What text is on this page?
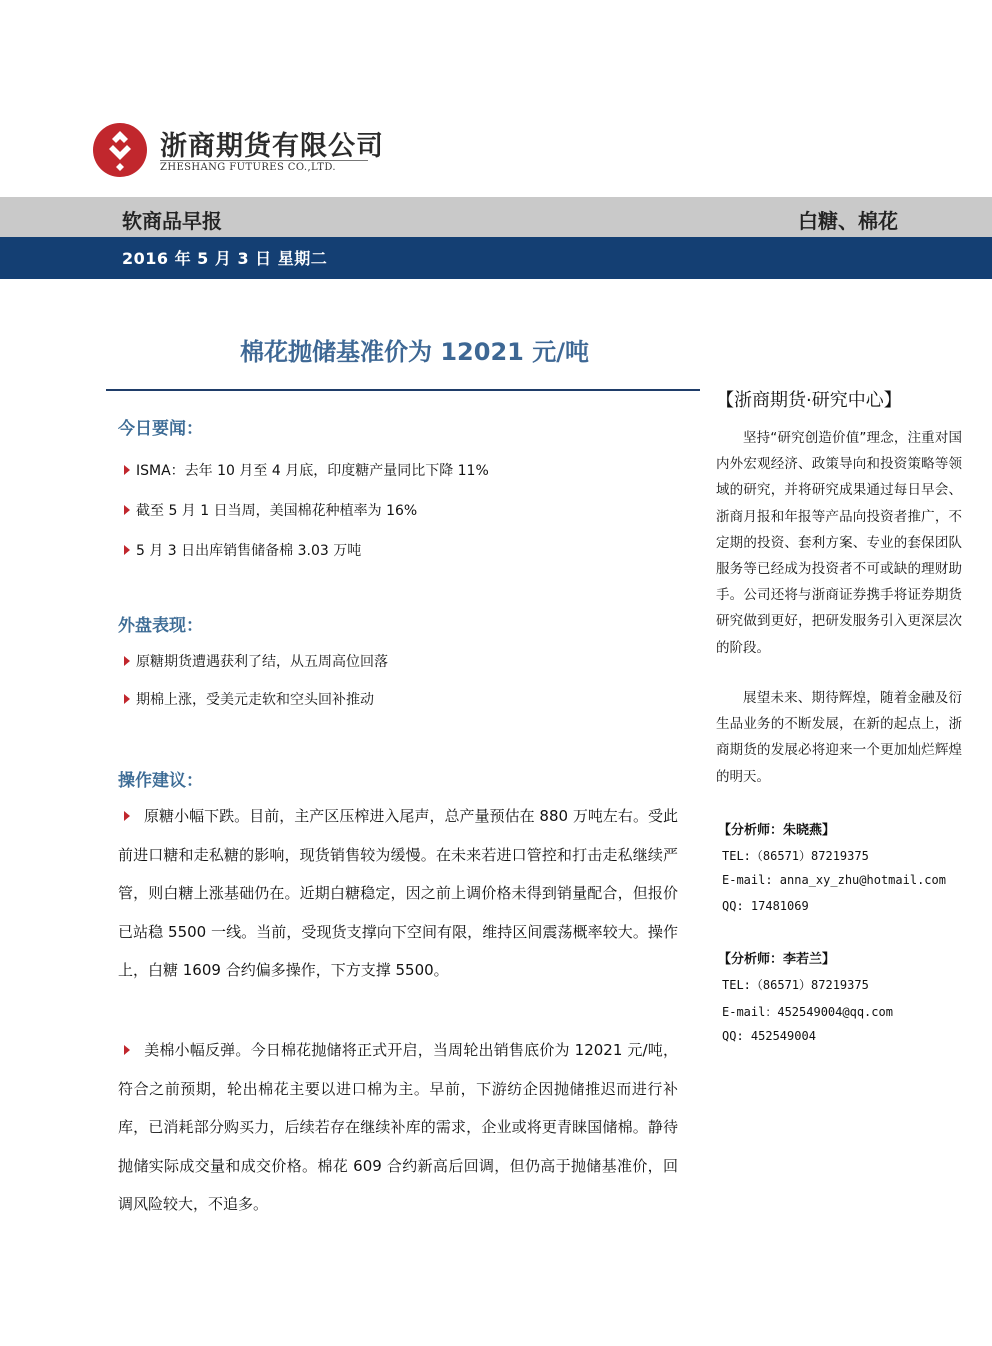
浙商期货有限公司
ZHESHANG FUTURES CO.,LTD.
软商品早报	白糖、棉花
2016 年 5 月 3 日 星期二
棉花抛储基准价为 12021 元/吨
今日要闻：
ISMA：去年 10 月至 4 月底，印度糖产量同比下降 11%
截至 5 月 1 日当周，美国棉花种植率为 16%
5 月 3 日出库销售储备棉 3.03 万吨
外盘表现：
原糖期货遭遇获利了结，从五周高位回落
期棉上涨，受美元走软和空头回补推动
操作建议：

原糖小幅下跌。目前，主产区压榨进入尾声，总产量预估在 880 万吨左右。受此前进口糖和走私糖的影响，现货销售较为缓慢。在未来若进口管控和打击走私继续严管，则白糖上涨基础仍在。近期白糖稳定，因之前上调价格未得到销量配合，但报价已站稳 5500 一线。当前，受现货支撑向下空间有限，维持区间震荡概率较大。操作上，白糖 1609 合约偏多操作，下方支撑 5500。

美棉小幅反弹。今日棉花抛储将正式开启，当周轮出销售底价为 12021 元/吨，符合之前预期，轮出棉花主要以进口棉为主。早前，下游纺企因抛储推迟而进行补库，已消耗部分购买力，后续若存在继续补库的需求，企业或将更青睐国储棉。静待抛储实际成交量和成交价格。棉花 609 合约新高后回调，但仍高于抛储基准价，回调风险较大，不追多。

【浙商期货·研究中心】

坚持“研究创造价值”理念，注重对国内外宏观经济、政策导向和投资策略等领域的研究，并将研究成果通过每日早会、浙商月报和年报等产品向投资者推广，不定期的投资、套利方案、专业的套保团队服务等已经成为投资者不可或缺的理财助手。公司还将与浙商证券携手将证券期货研究做到更好，把研发服务引入更深层次的阶段。

展望未来、期待辉煌，随着金融及衍生品业务的不断发展，在新的起点上，浙商期货的发展必将迎来一个更加灿烂辉煌的明天。

【分析师：朱晓燕】
TEL:（86571）87219375
E-mail: anna_xy_zhu@hotmail.com
QQ: 17481069
【分析师：李若兰】
TEL:（86571）87219375
E-mail：452549004@qq.com
QQ: 452549004
